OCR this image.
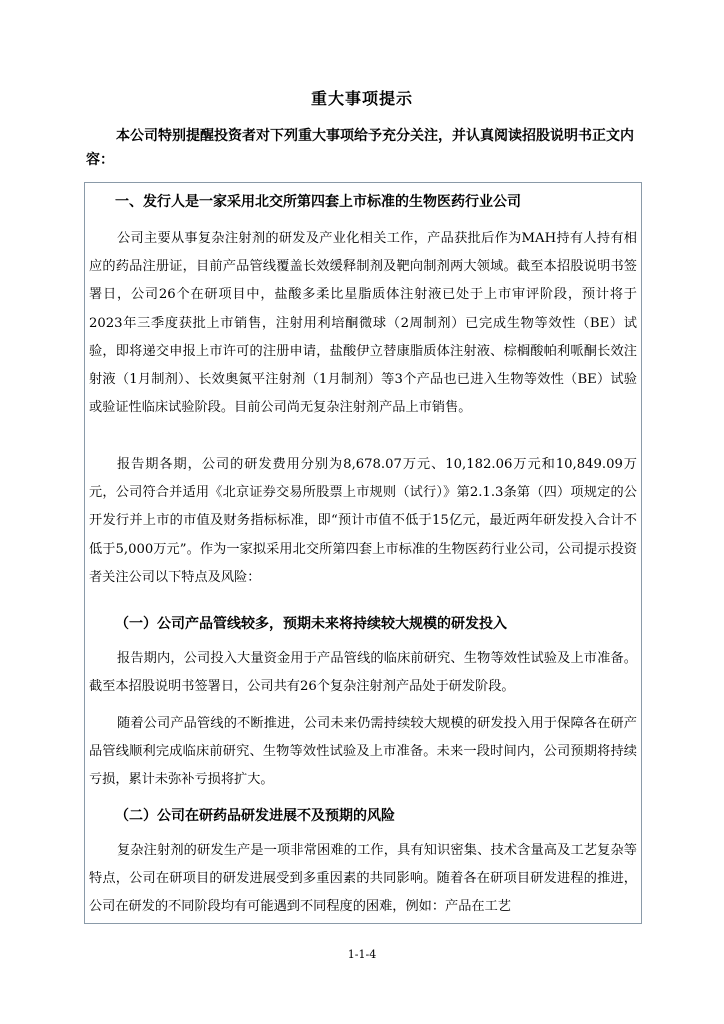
重大事项提示
本公司特别提醒投资者对下列重大事项给予充分关注，并认真阅读招股说明书正文内容：
一、发行人是一家采用北交所第四套上市标准的生物医药行业公司
公司主要从事复杂注射剂的研发及产业化相关工作，产品获批后作为MAH持有人持有相应的药品注册证，目前产品管线覆盖长效缓释制剂及靶向制剂两大领域。截至本招股说明书签署日，公司26个在研项目中，盐酸多柔比星脂质体注射液已处于上市审评阶段，预计将于2023年三季度获批上市销售，注射用利培酮微球（2周制剂）已完成生物等效性（BE）试验，即将递交申报上市许可的注册申请，盐酸伊立替康脂质体注射液、棕榈酸帕利哌酮长效注射液（1月制剂）、长效奥氮平注射剂（1月制剂）等3个产品也已进入生物等效性（BE）试验或验证性临床试验阶段。目前公司尚无复杂注射剂产品上市销售。
报告期各期，公司的研发费用分别为8,678.07万元、10,182.06万元和10,849.09万元，公司符合并适用《北京证券交易所股票上市规则（试行）》第2.1.3条第（四）项规定的公开发行并上市的市值及财务指标标准，即“预计市值不低于15亿元，最近两年研发投入合计不低于5,000万元”。作为一家拟采用北交所第四套上市标准的生物医药行业公司，公司提示投资者关注公司以下特点及风险：
（一）公司产品管线较多，预期未来将持续较大规模的研发投入
报告期内，公司投入大量资金用于产品管线的临床前研究、生物等效性试验及上市准备。截至本招股说明书签署日，公司共有26个复杂注射剂产品处于研发阶段。
随着公司产品管线的不断推进，公司未来仍需持续较大规模的研发投入用于保障各在研产品管线顺利完成临床前研究、生物等效性试验及上市准备。未来一段时间内，公司预期将持续亏损，累计未弥补亏损将扩大。
（二）公司在研药品研发进展不及预期的风险
复杂注射剂的研发生产是一项非常困难的工作，具有知识密集、技术含量高及工艺复杂等特点，公司在研项目的研发进展受到多重因素的共同影响。随着各在研项目研发进程的推进，公司在研发的不同阶段均有可能遇到不同程度的困难，例如：产品在工艺
1-1-4
